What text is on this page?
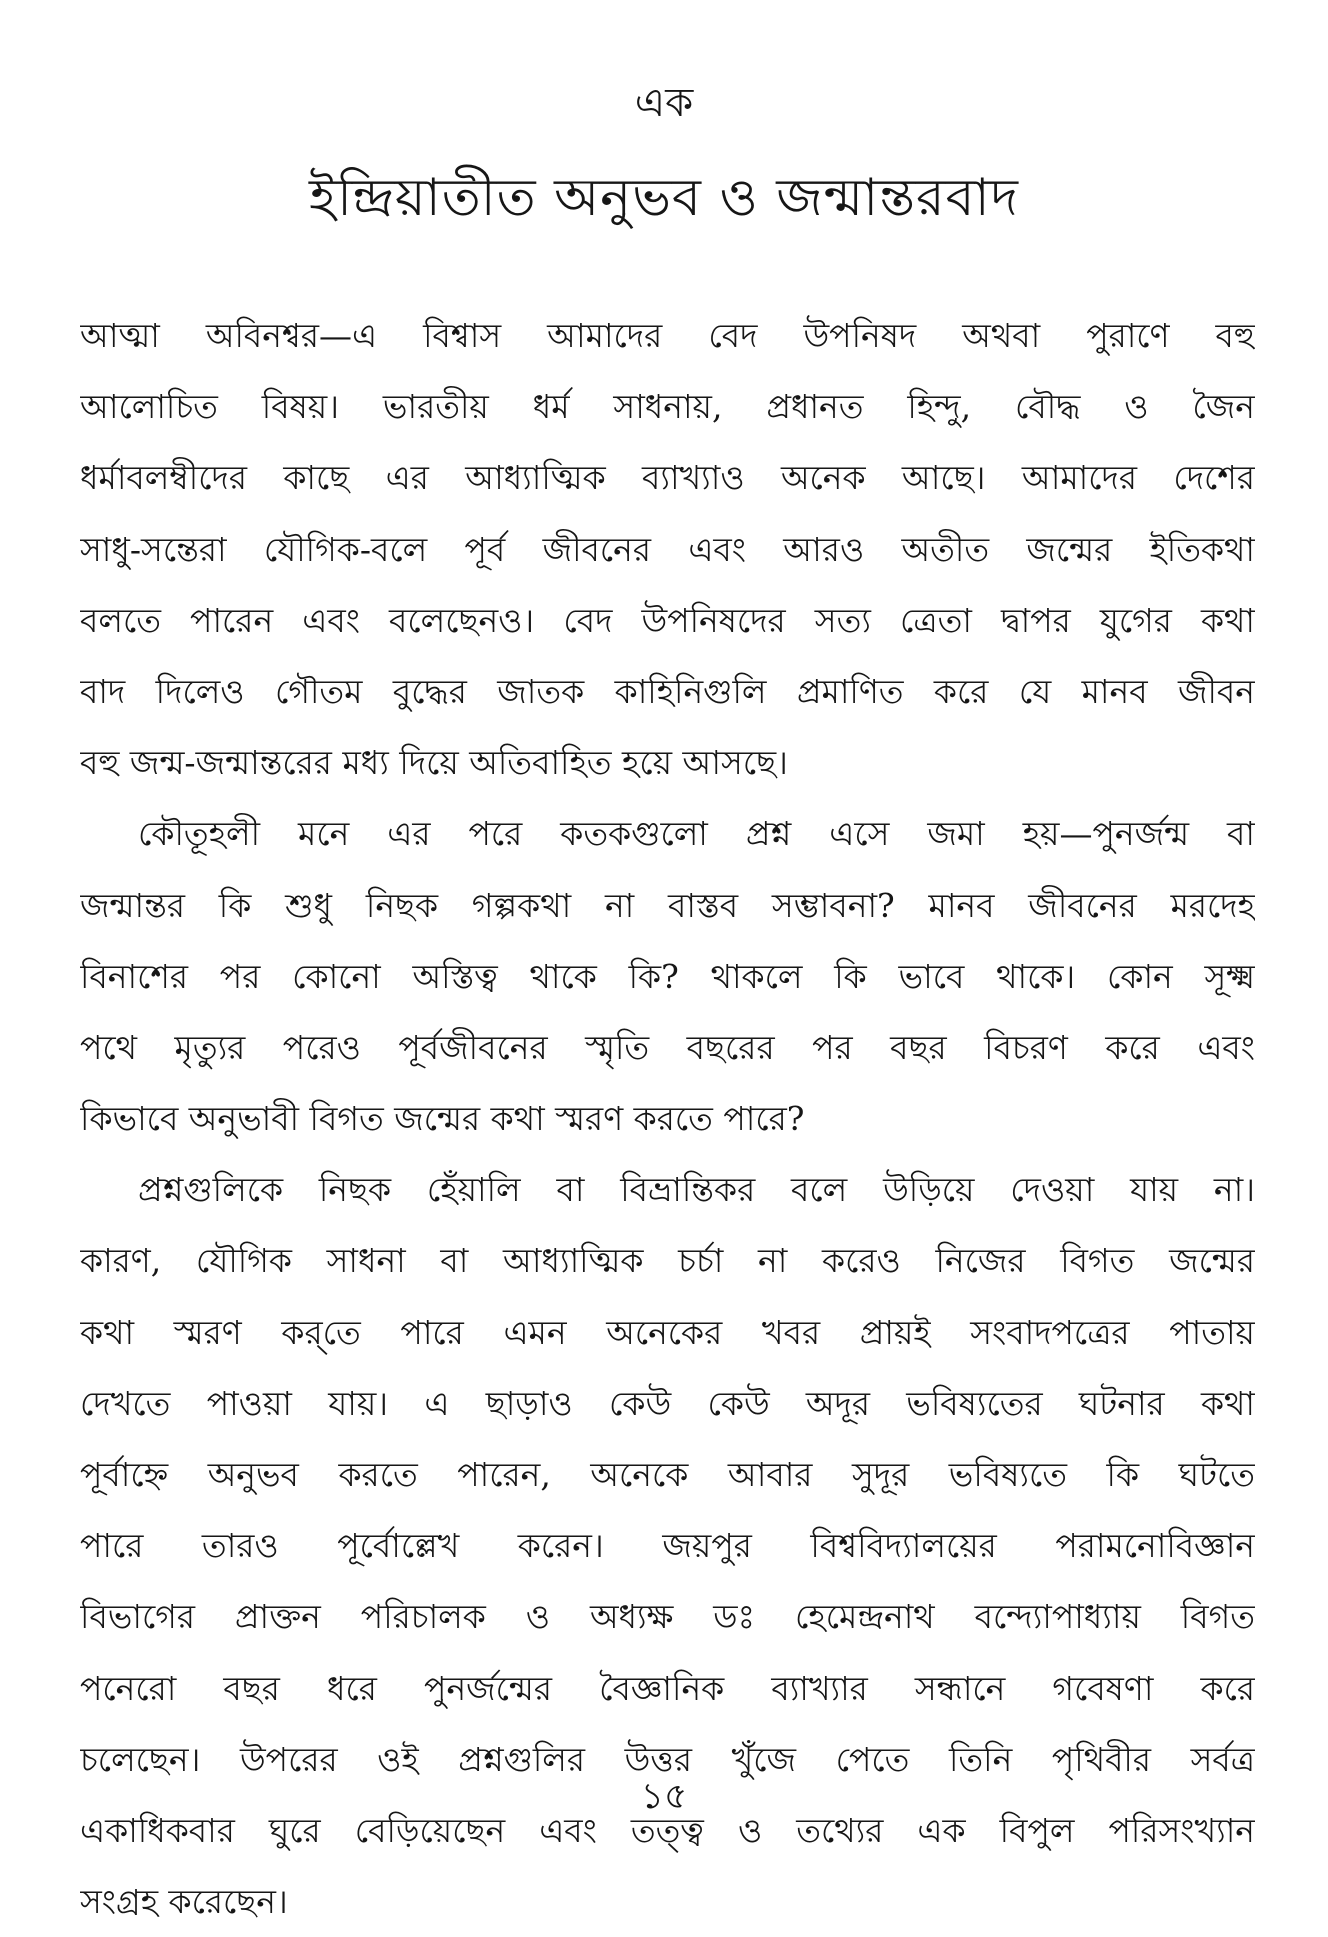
এক
ইন্দ্রিয়াতীত অনুভব ও জন্মান্তরবাদ
আত্মা অবিনশ্বর—এ বিশ্বাস আমাদের বেদ উপনিষদ অথবা পুরাণে বহু
আলোচিত বিষয়। ভারতীয় ধর্ম সাধনায়, প্রধানত হিন্দু, বৌদ্ধ ও জৈন
ধর্মাবলম্বীদের কাছে এর আধ্যাত্মিক ব্যাখ্যাও অনেক আছে। আমাদের দেশের
সাধু-সন্তেরা যৌগিক-বলে পূর্ব জীবনের এবং আরও অতীত জন্মের ইতিকথা
বলতে পারেন এবং বলেছেনও। বেদ উপনিষদের সত্য ত্রেতা দ্বাপর যুগের কথা
বাদ দিলেও গৌতম বুদ্ধের জাতক কাহিনিগুলি প্রমাণিত করে যে মানব জীবন
বহু জন্ম-জন্মান্তরের মধ্য দিয়ে অতিবাহিত হয়ে আসছে।
কৌতূহলী মনে এর পরে কতকগুলো প্রশ্ন এসে জমা হয়—পুনর্জন্ম বা
জন্মান্তর কি শুধু নিছক গল্পকথা না বাস্তব সম্ভাবনা? মানব জীবনের মরদেহ
বিনাশের পর কোনো অস্তিত্ব থাকে কি? থাকলে কি ভাবে থাকে। কোন সূক্ষ্ম
পথে মৃত্যুর পরেও পূর্বজীবনের স্মৃতি বছরের পর বছর বিচরণ করে এবং
কিভাবে অনুভাবী বিগত জন্মের কথা স্মরণ করতে পারে?
প্রশ্নগুলিকে নিছক হেঁয়ালি বা বিভ্রান্তিকর বলে উড়িয়ে দেওয়া যায় না।
কারণ, যৌগিক সাধনা বা আধ্যাত্মিক চর্চা না করেও নিজের বিগত জন্মের
কথা স্মরণ কর্‌তে পারে এমন অনেকের খবর প্রায়ই সংবাদপত্রের পাতায়
দেখতে পাওয়া যায়। এ ছাড়াও কেউ কেউ অদূর ভবিষ্যতের ঘটনার কথা
পূর্বাহ্নে অনুভব করতে পারেন, অনেকে আবার সুদূর ভবিষ্যতে কি ঘটতে
পারে তারও পূর্বোল্লেখ করেন। জয়পুর বিশ্ববিদ্যালয়ের পরামনোবিজ্ঞান
বিভাগের প্রাক্তন পরিচালক ও অধ্যক্ষ ডঃ হেমেন্দ্রনাথ বন্দ্যোপাধ্যায় বিগত
পনেরো বছর ধরে পুনর্জন্মের বৈজ্ঞানিক ব্যাখ্যার সন্ধানে গবেষণা করে
চলেছেন। উপরের ওই প্রশ্নগুলির উত্তর খুঁজে পেতে তিনি পৃথিবীর সর্বত্র
একাধিকবার ঘুরে বেড়িয়েছেন এবং তত্ত্ব ও তথ্যের এক বিপুল পরিসংখ্যান
সংগ্রহ করেছেন।
১৫
